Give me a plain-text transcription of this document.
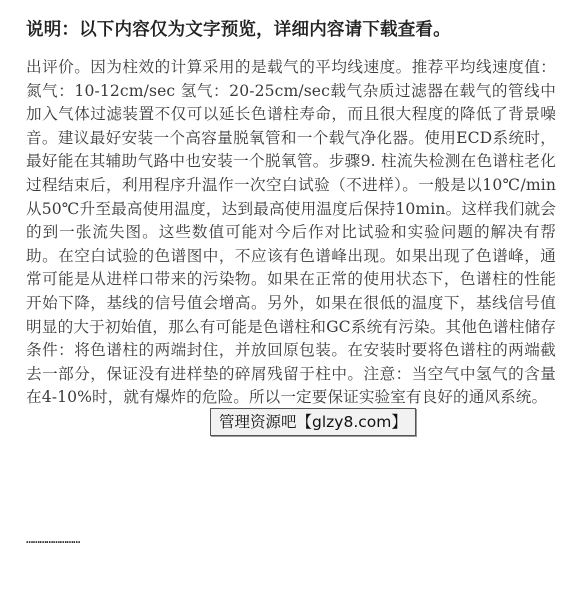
说明：以下内容仅为文字预览，详细内容请下载查看。

出评价。因为柱效的计算采用的是载气的平均线速度。推荐平均线速度值：氮气：10-12cm/sec 氢气：20-25cm/sec载气杂质过滤器在载气的管线中加入气体过滤装置不仅可以延长色谱柱寿命，而且很大程度的降低了背景噪音。建议最好安装一个高容量脱氧管和一个载气净化器。使用ECD系统时，最好能在其辅助气路中也安装一个脱氧管。步骤9. 柱流失检测在色谱柱老化过程结束后，利用程序升温作一次空白试验（不进样）。一般是以10℃/min从50℃升至最高使用温度，达到最高使用温度后保持10min。这样我们就会的到一张流失图。这些数值可能对今后作对比试验和实验问题的解决有帮助。在空白试验的色谱图中，不应该有色谱峰出现。如果出现了色谱峰，通常可能是从进样口带来的污染物。如果在正常的使用状态下，色谱柱的性能开始下降，基线的信号值会增高。另外，如果在很低的温度下，基线信号值明显的大于初始值，那么有可能是色谱柱和GC系统有污染。其他色谱柱储存条件：将色谱柱的两端封住，并放回原包装。在安装时要将色谱柱的两端截去一部分，保证没有进样垫的碎屑残留于柱中。注意：当空气中氢气的含量在4-10%时，就有爆炸的危险。所以一定要保证实验室有良好的通风系统。

……………………
管理资源吧【glzy8.com】
